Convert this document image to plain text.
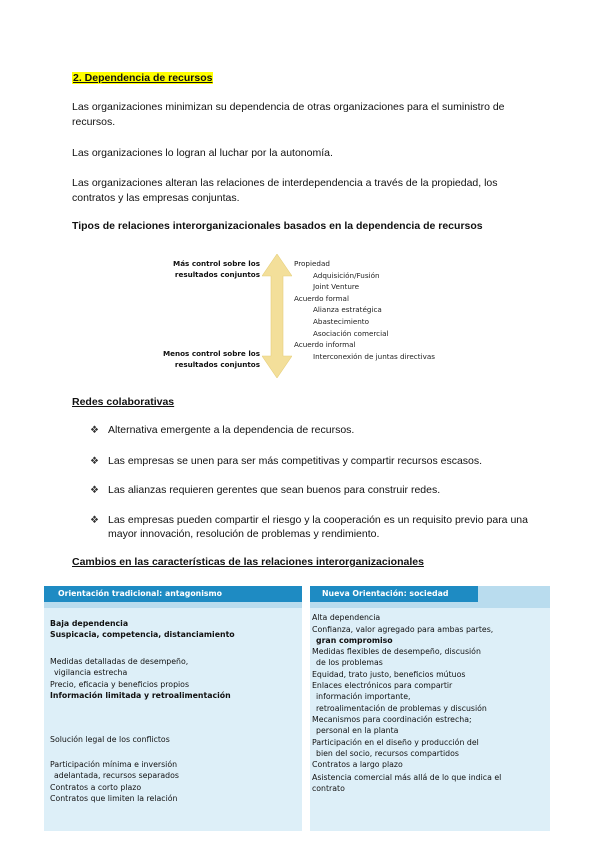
2. Dependencia de recursos
Las organizaciones minimizan su dependencia de otras organizaciones para el suministro de recursos.
Las organizaciones lo logran al luchar por la autonomía.
Las organizaciones alteran las relaciones de interdependencia a través de la propiedad, los contratos y las empresas conjuntas.
Tipos de relaciones interorganizacionales basados en la dependencia de recursos
Más control sobre los
resultados conjuntos
Menos control sobre los
resultados conjuntos
Propiedad
Adquisición/Fusión
Joint Venture
Acuerdo formal
Alianza estratégica
Abastecimiento
Asociación comercial
Acuerdo informal
Interconexión de juntas directivas
Redes colaborativas
❖ Alternativa emergente a la dependencia de recursos.
❖ Las empresas se unen para ser más competitivas y compartir recursos escasos.
❖ Las alianzas requieren gerentes que sean buenos para construir redes.
❖ Las empresas pueden compartir el riesgo y la cooperación es un requisito previo para una mayor innovación, resolución de problemas y rendimiento.
Cambios en las características de las relaciones interorganizacionales
Orientación tradicional: antagonismo	Nueva Orientación: sociedad
Baja dependencia
Suspicacia, competencia, distanciamiento
Medidas detalladas de desempeño,
vigilancia estrecha
Precio, eficacia y beneficios propios
Información limitada y retroalimentación
Solución legal de los conflictos
Participación mínima e inversión
adelantada, recursos separados
Contratos a corto plazo
Contratos que limiten la relación
Alta dependencia
Confianza, valor agregado para ambas partes,
gran compromiso
Medidas flexibles de desempeño, discusión
de los problemas
Equidad, trato justo, beneficios mútuos
Enlaces electrónicos para compartir
información importante,
retroalimentación de problemas y discusión
Mecanismos para coordinación estrecha;
personal en la planta
Participación en el diseño y producción del
bien del socio, recursos compartidos
Contratos a largo plazo
Asistencia comercial más allá de lo que indica el
contrato
